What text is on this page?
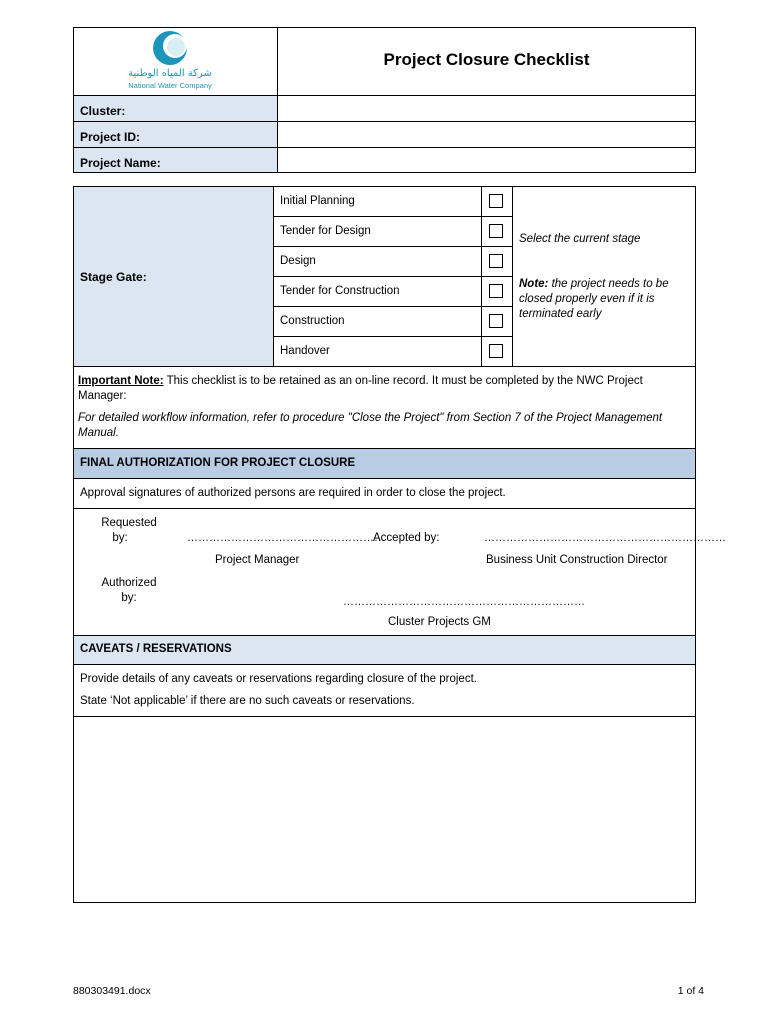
شركة المياه الوطنية
National Water Company
Project Closure Checklist
Cluster:
Project ID:
Project Name:
Stage Gate:
Initial Planning
Tender for Design
Design
Tender for Construction
Construction
Handover
Select the current stage
Note: the project needs to be closed properly even if it is terminated early
Important Note: This checklist is to be retained as an on-line record. It must be completed by the NWC Project
Manager:
For detailed workflow information, refer to procedure "Close the Project" from Section 7 of the Project Management
Manual.
FINAL AUTHORIZATION FOR PROJECT CLOSURE
Approval signatures of authorized persons are required in order to close the project.
Requested
by:	………………………………………………
Project Manager
Accepted by:	…………………………………………………………
Business Unit Construction Director
Authorized
by:	…………………………………………………………
Cluster Projects GM
CAVEATS / RESERVATIONS
Provide details of any caveats or reservations regarding closure of the project.
State ‘Not applicable’ if there are no such caveats or reservations.
880303491.docx	1 of 4
